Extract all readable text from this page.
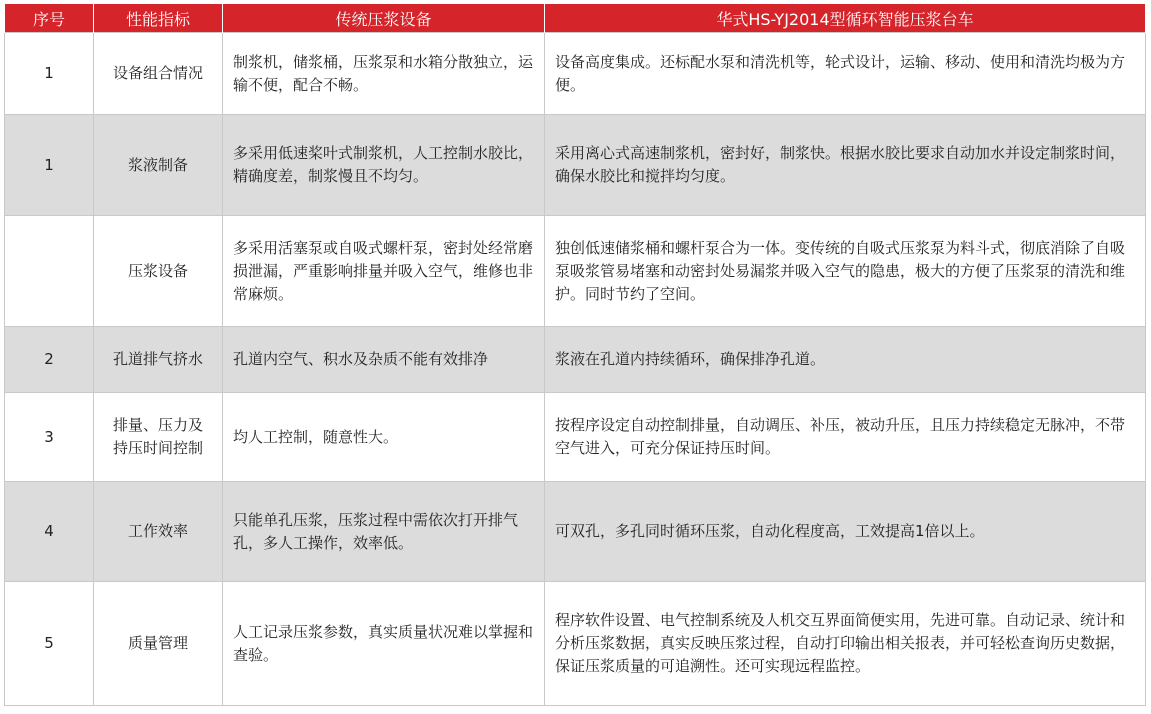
序号	性能指标	传统压浆设备	华式HS-YJ2014型循环智能压浆台车
1	设备组合情况	制浆机，储浆桶，压浆泵和水箱分散独立，运输不便，配合不畅。	设备高度集成。还标配水泵和清洗机等，轮式设计，运输、移动、使用和清洗均极为方便。
1	浆液制备	多采用低速桨叶式制浆机，人工控制水胶比，精确度差，制浆慢且不均匀。	采用离心式高速制浆机，密封好，制浆快。根据水胶比要求自动加水并设定制浆时间，确保水胶比和搅拌均匀度。
	压浆设备	多采用活塞泵或自吸式螺杆泵，密封处经常磨损泄漏，严重影响排量并吸入空气，维修也非常麻烦。	独创低速储浆桶和螺杆泵合为一体。变传统的自吸式压浆泵为料斗式，彻底消除了自吸泵吸浆管易堵塞和动密封处易漏浆并吸入空气的隐患，极大的方便了压浆泵的清洗和维护。同时节约了空间。
2	孔道排气挤水	孔道内空气、积水及杂质不能有效排净	浆液在孔道内持续循环，确保排净孔道。
3	排量、压力及持压时间控制	均人工控制，随意性大。	按程序设定自动控制排量，自动调压、补压，被动升压，且压力持续稳定无脉冲，不带空气进入，可充分保证持压时间。
4	工作效率	只能单孔压浆，压浆过程中需依次打开排气孔，多人工操作，效率低。	可双孔，多孔同时循环压浆，自动化程度高，工效提高1倍以上。
5	质量管理	人工记录压浆参数，真实质量状况难以掌握和查验。	程序软件设置、电气控制系统及人机交互界面简便实用，先进可靠。自动记录、统计和分析压浆数据，真实反映压浆过程，自动打印输出相关报表，并可轻松查询历史数据，保证压浆质量的可追溯性。还可实现远程监控。
